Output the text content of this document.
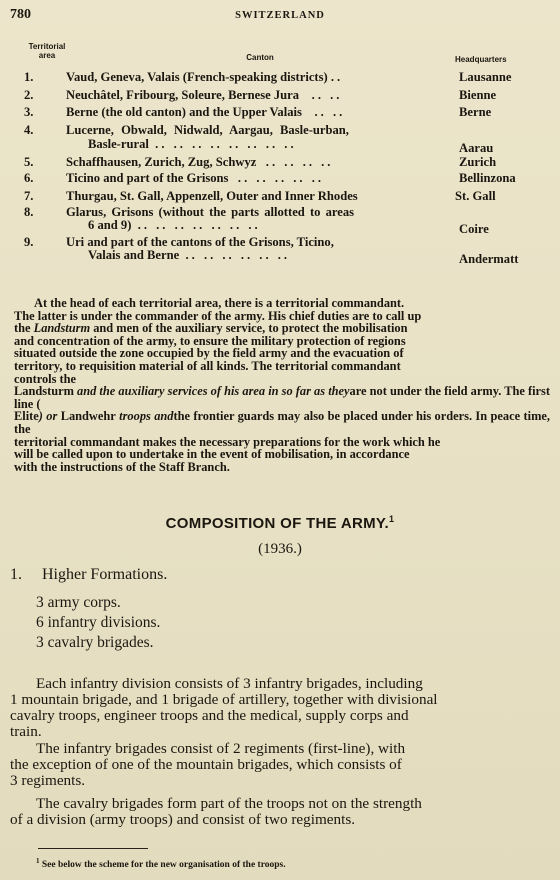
780	SWITZERLAND
Territorial area	Canton	Headquarters
1.	Vaud, Geneva, Valais (French-speaking districts) ..	Lausanne
2.	Neuchâtel, Fribourg, Soleure, Bernese Jura .. ..	Bienne
3.	Berne (the old canton) and the Upper Valais .. ..	Berne
4.	Lucerne, Obwald, Nidwald, Aargau, Basle-urban,
Basle-rural .. .. .. .. .. .. .. ..	Aarau
5.	Schaffhausen, Zurich, Zug, Schwyz .. .. .. ..	Zurich
6.	Ticino and part of the Grisons .. .. .. .. ..	Bellinzona
7.	Thurgau, St. Gall, Appenzell, Outer and Inner Rhodes	St. Gall
8.	Glarus, Grisons (without the parts allotted to areas
6 and 9) .. .. .. .. .. .. ..	Coire
9.	Uri and part of the cantons of the Grisons, Ticino,
Valais and Berne .. .. .. .. .. ..	Andermatt
At the head of each territorial area, there is a territorial commandant.
The latter is under the commander of the army. His chief duties are to call up
the Landsturm and men of the auxiliary service, to protect the mobilisation
and concentration of the army, to ensure the military protection of regions
situated outside the zone occupied by the field army and the evacuation of
territory, to requisition material of all kinds. The territorial commandant
controls the
Landsturm and the auxiliary services of his area in so far as theyare not under the field army. The first line (
Elite) or Landwehr troops andthe frontier guards may also be placed under his orders. In peace time, the
territorial commandant makes the necessary preparations for the work which he
will be called upon to undertake in the event of mobilisation, in accordance
with the instructions of the Staff Branch.
COMPOSITION OF THE ARMY.$^1$
(1936.)
1. Higher Formations.
3 army corps.
6 infantry divisions.
3 cavalry brigades.
Each infantry division consists of 3 infantry brigades, including
1 mountain brigade, and 1 brigade of artillery, together with divisional
cavalry troops, engineer troops and the medical, supply corps and
train.
The infantry brigades consist of 2 regiments (first-line), with
the exception of one of the mountain brigades, which consists of
3 regiments.
The cavalry brigades form part of the troops not on the strength
of a division (army troops) and consist of two regiments.
$^1$ See below the scheme for the new organisation of the troops.
